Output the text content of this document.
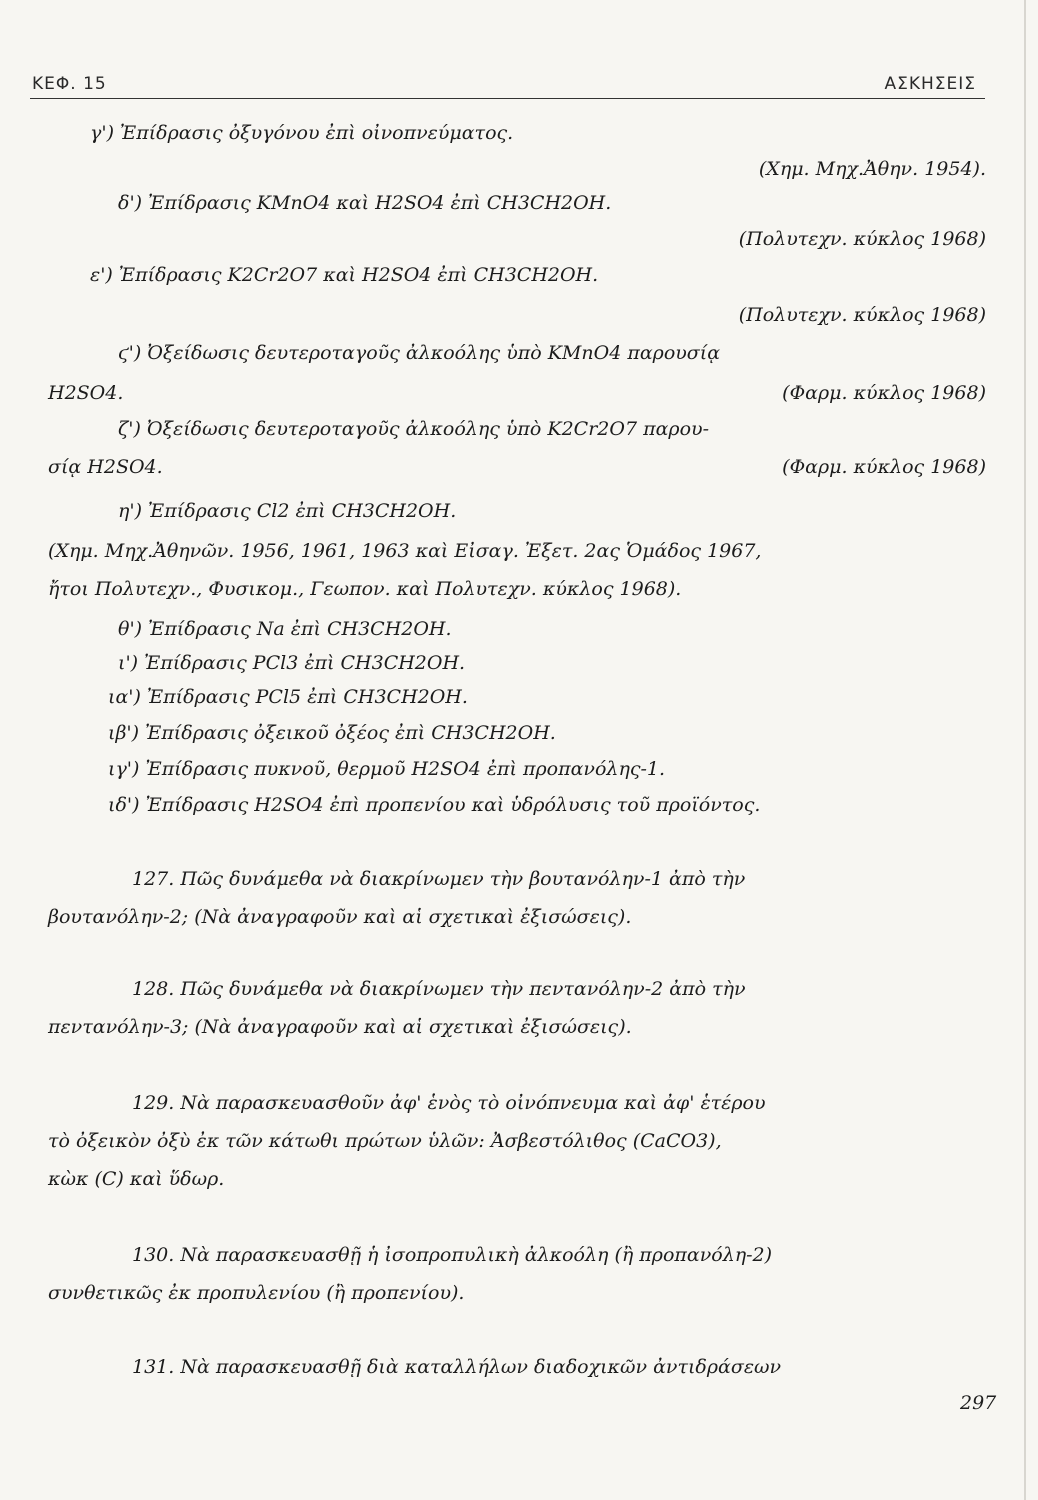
ΚΕΦ. 15	ΑΣΚΗΣΕΙΣ
γ') Ἐπίδρασις ὀξυγόνου ἐπὶ οἰνοπνεύματος.
(Χημ. Μηχ.Ἀθην. 1954).
δ') Ἐπίδρασις KMnO4 καὶ H2SO4 ἐπὶ CH3CH2OH.
(Πολυτεχν. κύκλος 1968)
ε') Ἐπίδρασις K2Cr2O7 καὶ H2SO4 ἐπὶ CH3CH2OH.
(Πολυτεχν. κύκλος 1968)
ϛ') Ὀξείδωσις δευτεροταγοῦς ἀλκοόλης ὑπὸ KMnO4 παρουσίᾳ
H2SO4.	(Φαρμ. κύκλος 1968)
ζ') Ὀξείδωσις δευτεροταγοῦς ἀλκοόλης ὑπὸ K2Cr2O7 παρου-
σίᾳ H2SO4.	(Φαρμ. κύκλος 1968)
η') Ἐπίδρασις Cl2 ἐπὶ CH3CH2OH.
(Χημ. Μηχ.Ἀθηνῶν. 1956, 1961, 1963 καὶ Εἰσαγ. Ἐξετ. 2ας Ὁμάδος 1967,
ἤτοι Πολυτεχν., Φυσικομ., Γεωπον. καὶ Πολυτεχν. κύκλος 1968).
θ') Ἐπίδρασις Na ἐπὶ CH3CH2OH.
ι') Ἐπίδρασις PCl3 ἐπὶ CH3CH2OH.
ια') Ἐπίδρασις PCl5 ἐπὶ CH3CH2OH.
ιβ') Ἐπίδρασις ὀξεικοῦ ὀξέος ἐπὶ CH3CH2OH.
ιγ') Ἐπίδρασις πυκνοῦ, θερμοῦ H2SO4 ἐπὶ προπανόλης-1.
ιδ') Ἐπίδρασις H2SO4 ἐπὶ προπενίου καὶ ὑδρόλυσις τοῦ προϊόντος.
127. Πῶς δυνάμεθα νὰ διακρίνωμεν τὴν βουτανόλην-1 ἀπὸ τὴν
βουτανόλην-2; (Νὰ ἀναγραφοῦν καὶ αἱ σχετικαὶ ἐξισώσεις).
128. Πῶς δυνάμεθα νὰ διακρίνωμεν τὴν πεντανόλην-2 ἀπὸ τὴν
πεντανόλην-3; (Νὰ ἀναγραφοῦν καὶ αἱ σχετικαὶ ἐξισώσεις).
129. Νὰ παρασκευασθοῦν ἀφ' ἑνὸς τὸ οἰνόπνευμα καὶ ἀφ' ἑτέρου
τὸ ὀξεικὸν ὀξὺ ἐκ τῶν κάτωθι πρώτων ὑλῶν: Ἀσβεστόλιθος (CaCO3),
κὼκ (C) καὶ ὕδωρ.
130. Νὰ παρασκευασθῇ ἡ ἰσοπροπυλικὴ ἀλκοόλη (ἢ προπανόλη-2)
συνθετικῶς ἐκ προπυλενίου (ἢ προπενίου).
131. Νὰ παρασκευασθῇ διὰ καταλλήλων διαδοχικῶν ἀντιδράσεων
297
